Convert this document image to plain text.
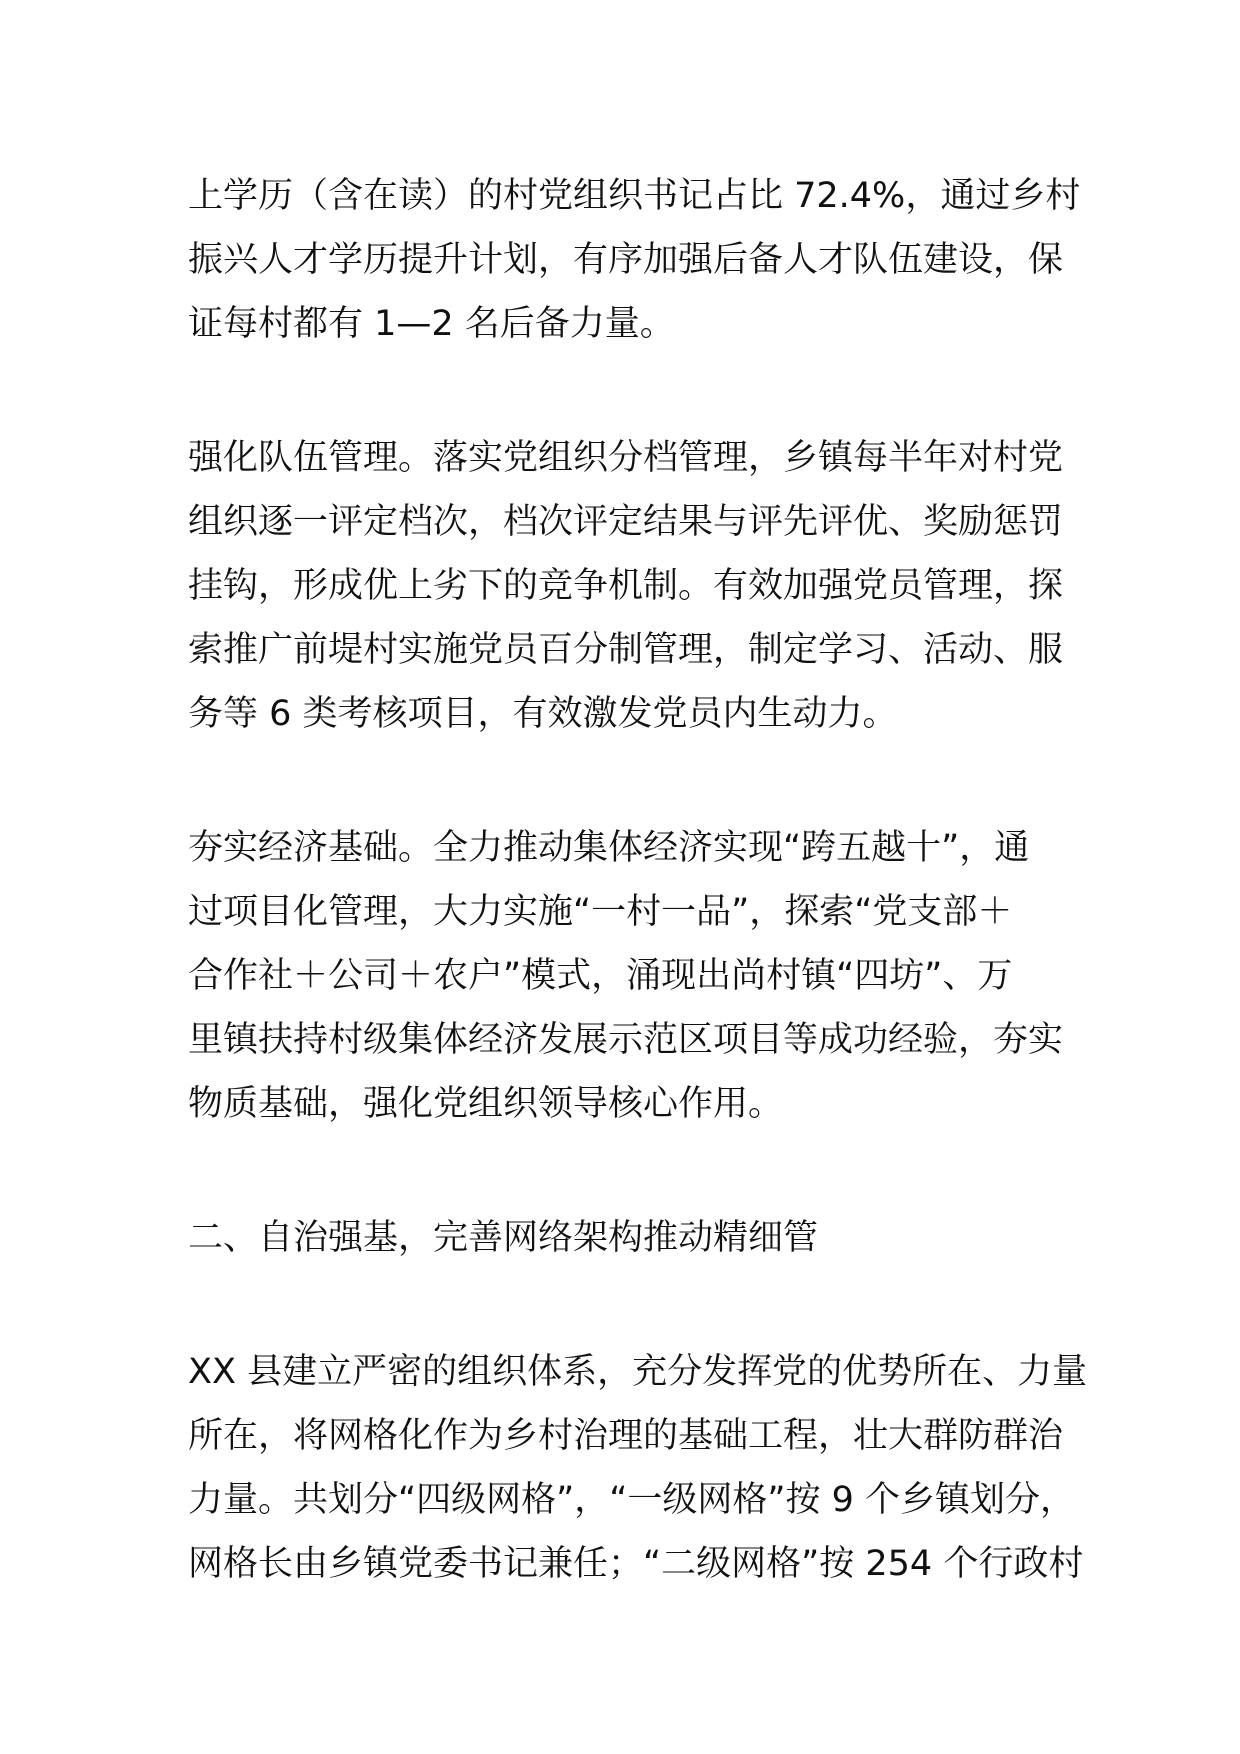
上学历（含在读）的村党组织书记占比 72.4%，通过乡村
振兴人才学历提升计划，有序加强后备人才队伍建设，保
证每村都有 1—2 名后备力量。
强化队伍管理。落实党组织分档管理，乡镇每半年对村党
组织逐一评定档次，档次评定结果与评先评优、奖励惩罚
挂钩，形成优上劣下的竞争机制。有效加强党员管理，探
索推广前堤村实施党员百分制管理，制定学习、活动、服
务等 6 类考核项目，有效激发党员内生动力。
夯实经济基础。全力推动集体经济实现“跨五越十”，通
过项目化管理，大力实施“一村一品”，探索“党支部＋
合作社＋公司＋农户”模式，涌现出尚村镇“四坊”、万
里镇扶持村级集体经济发展示范区项目等成功经验，夯实
物质基础，强化党组织领导核心作用。
二、自治强基，完善网络架构推动精细管
XX 县建立严密的组织体系，充分发挥党的优势所在、力量
所在，将网格化作为乡村治理的基础工程，壮大群防群治
力量。共划分“四级网格”，“一级网格”按 9 个乡镇划分，
网格长由乡镇党委书记兼任；“二级网格”按 254 个行政村
